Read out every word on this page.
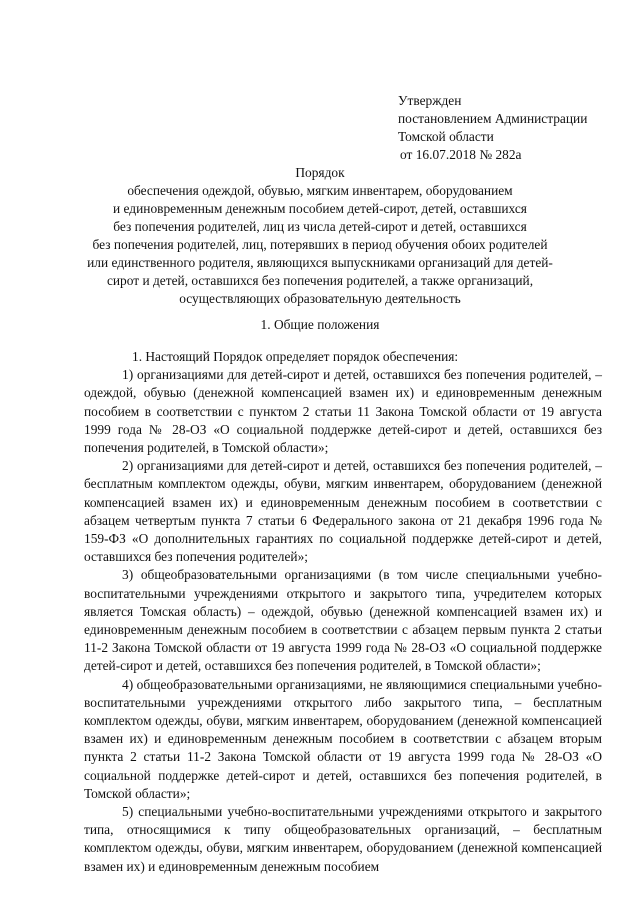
Утвержден
постановлением Администрации
Томской области
от 16.07.2018 № 282а
Порядок
обеспечения одеждой, обувью, мягким инвентарем, оборудованием
и единовременным денежным пособием детей-сирот, детей, оставшихся
без попечения родителей, лиц из числа детей-сирот и детей, оставшихся
без попечения родителей, лиц, потерявших в период обучения обоих родителей
или единственного родителя, являющихся выпускниками организаций для детей-
сирот и детей, оставшихся без попечения родителей, а также организаций,
осуществляющих образовательную деятельность
1. Общие положения

1. Настоящий Порядок определяет порядок обеспечения:

1) организациями для детей-сирот и детей, оставшихся без попечения родителей, – одеждой, обувью (денежной компенсацией взамен их) и единовременным денежным пособием в соответствии с пунктом 2 статьи 11 Закона Томской области от 19 августа 1999 года № 28-ОЗ «О социальной поддержке детей-сирот и детей, оставшихся без попечения родителей, в Томской области»;

2) организациями для детей-сирот и детей, оставшихся без попечения родителей, – бесплатным комплектом одежды, обуви, мягким инвентарем, оборудованием (денежной компенсацией взамен их) и единовременным денежным пособием в соответствии с абзацем четвертым пункта 7 статьи 6 Федерального закона от 21 декабря 1996 года № 159-ФЗ «О дополнительных гарантиях по социальной поддержке детей-сирот и детей, оставшихся без попечения родителей»;

3) общеобразовательными организациями (в том числе специальными учебно-воспитательными учреждениями открытого и закрытого типа, учредителем которых является Томская область) – одеждой, обувью (денежной компенсацией взамен их) и единовременным денежным пособием в соответствии с абзацем первым пункта 2 статьи 11-2 Закона Томской области от 19 августа 1999 года № 28-ОЗ «О социальной поддержке детей-сирот и детей, оставшихся без попечения родителей, в Томской области»;

4) общеобразовательными организациями, не являющимися специальными учебно-воспитательными учреждениями открытого либо закрытого типа, – бесплатным комплектом одежды, обуви, мягким инвентарем, оборудованием (денежной компенсацией взамен их) и единовременным денежным пособием в соответствии с абзацем вторым пункта 2 статьи 11-2 Закона Томской области от 19 августа 1999 года № 28-ОЗ «О социальной поддержке детей-сирот и детей, оставшихся без попечения родителей, в Томской области»;

5) специальными учебно-воспитательными учреждениями открытого и закрытого типа, относящимися к типу общеобразовательных организаций, – бесплатным комплектом одежды, обуви, мягким инвентарем, оборудованием (денежной компенсацией взамен их) и единовременным денежным пособием
